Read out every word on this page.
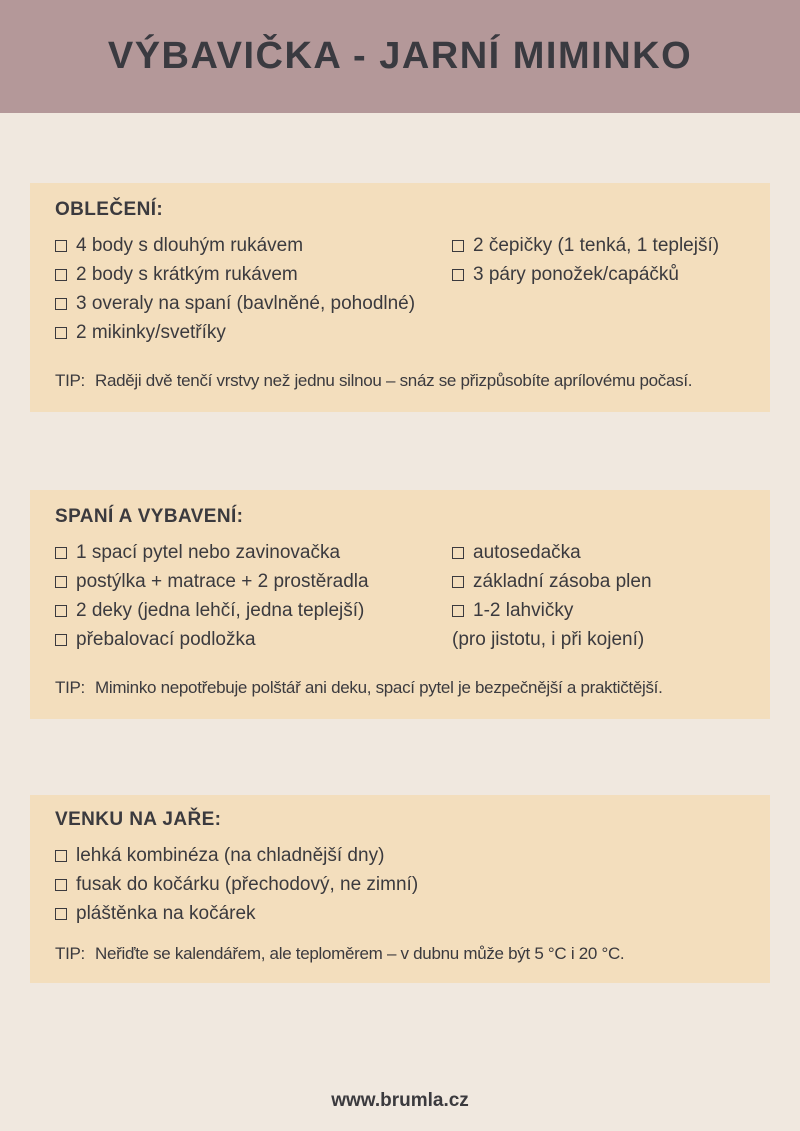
VÝBAVIČKA - JARNÍ MIMINKO
OBLEČENÍ:
4 body s dlouhým rukávem
2 body s krátkým rukávem
3 overaly na spaní (bavlněné, pohodlné)
2 mikinky/svetříky
2 čepičky (1 tenká, 1 teplejší)
3 páry ponožek/capáčků

TIP: Raději dvě tenčí vrstvy než jednu silnou – snáz se přizpůsobíte aprílovému počasí.

SPANÍ A VYBAVENÍ:
1 spací pytel nebo zavinovačka
postýlka + matrace + 2 prostěradla
2 deky (jedna lehčí, jedna teplejší)
přebalovací podložka
autosedačka
základní zásoba plen
1-2 lahvičky
(pro jistotu, i při kojení)

TIP: Miminko nepotřebuje polštář ani deku, spací pytel je bezpečnější a praktičtější.

VENKU NA JAŘE:
lehká kombinéza (na chladnější dny)
fusak do kočárku (přechodový, ne zimní)
pláštěnka na kočárek

TIP: Neřiďte se kalendářem, ale teploměrem – v dubnu může být 5 °C i 20 °C.

www.brumla.cz
